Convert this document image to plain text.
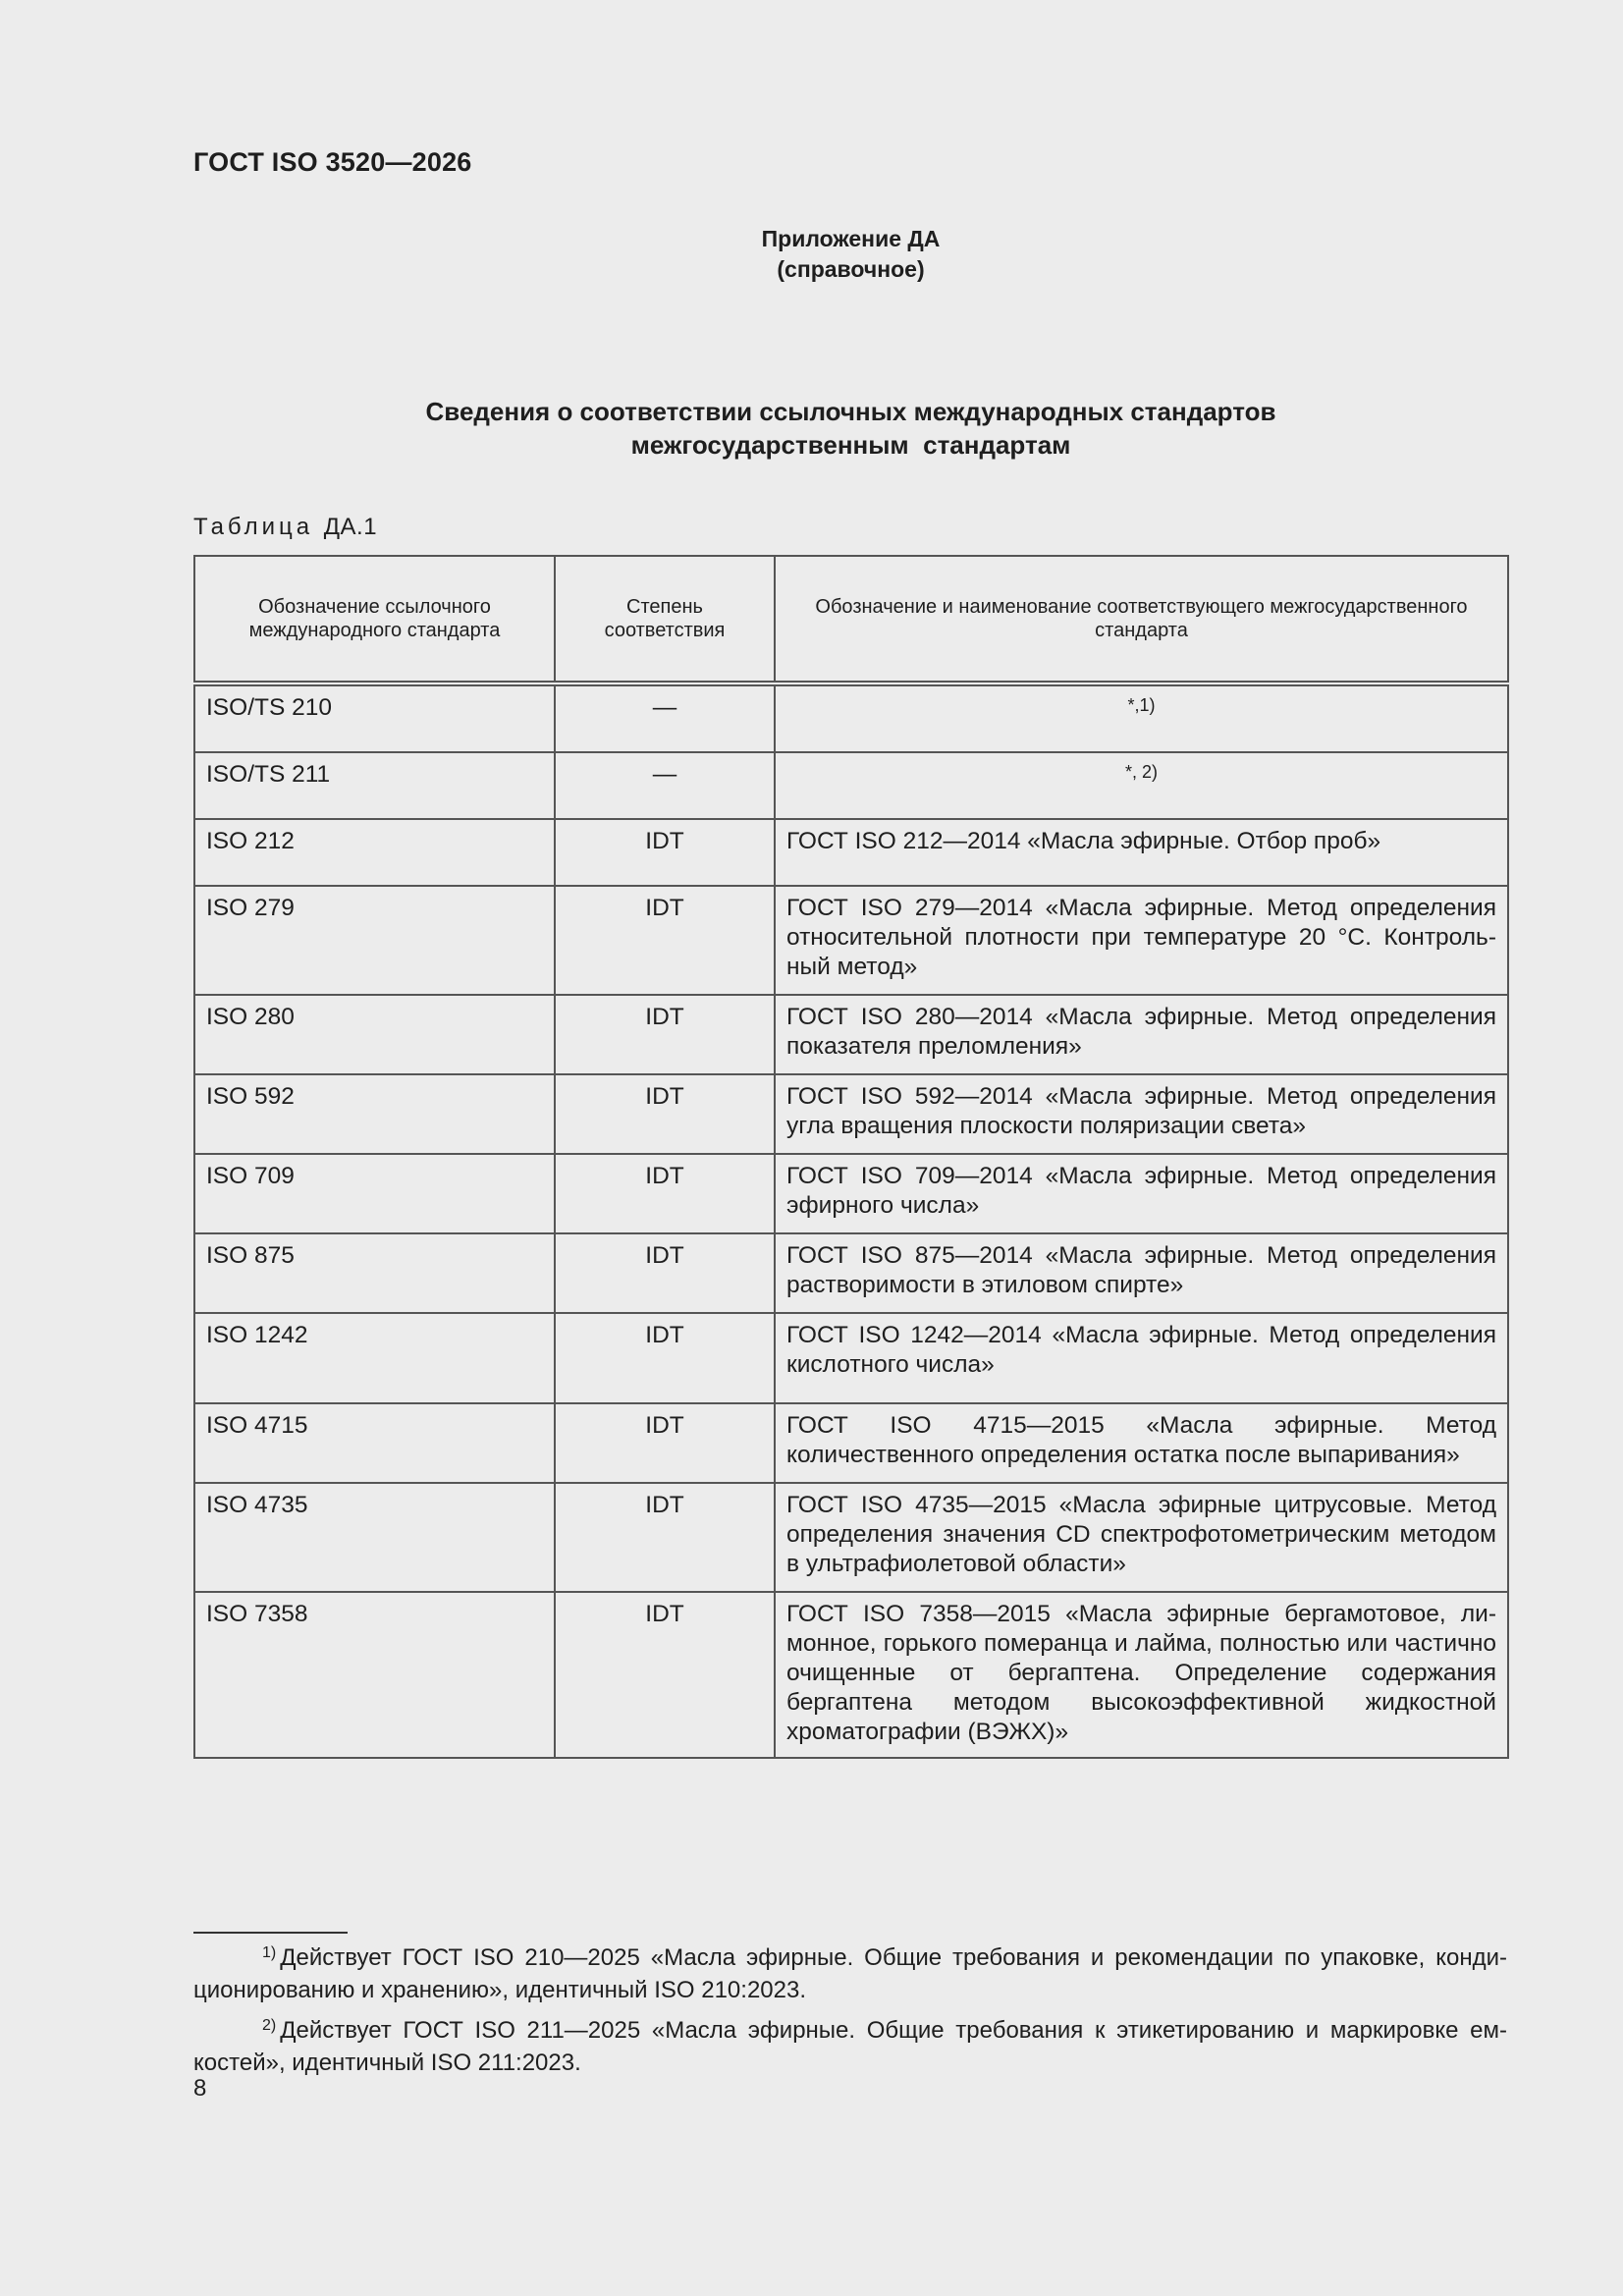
ГОСТ ISO 3520—2026
Приложение ДА
(справочное)
Сведения о соответствии ссылочных международных стандартов
межгосударственным  стандартам
Таблица ДА.1
Обозначение ссылочного международного стандарта	Степень соответствия	Обозначение и наименование соответствующего межгосударственного стандарта
ISO/TS 210	—	*,1)
ISO/TS 211	—	*, 2)
ISO 212	IDT	ГОСТ ISO 212—2014 «Масла эфирные. Отбор проб»
ISO 279	IDT	ГОСТ ISO 279—2014 «Масла эфирные. Метод определения относительной плотности при температуре 20 °С. Контрольный метод»
ISO 280	IDT	ГОСТ ISO 280—2014 «Масла эфирные. Метод определения показателя преломления»
ISO 592	IDT	ГОСТ ISO 592—2014 «Масла эфирные. Метод определения угла вращения плоскости поляризации света»
ISO 709	IDT	ГОСТ ISO 709—2014 «Масла эфирные. Метод определения эфирного числа»
ISO 875	IDT	ГОСТ ISO 875—2014 «Масла эфирные. Метод определения растворимости в этиловом спирте»
ISO 1242	IDT	ГОСТ ISO 1242—2014 «Масла эфирные. Метод определения кислотного числа»
ISO 4715	IDT	ГОСТ ISO 4715—2015 «Масла эфирные. Метод количественного определения остатка после выпаривания»
ISO 4735	IDT	ГОСТ ISO 4735—2015 «Масла эфирные цитрусовые. Метод определения значения CD спектрофотометрическим методом в ультрафиолетовой области»
ISO 7358	IDT	ГОСТ ISO 7358—2015 «Масла эфирные бергамотовое, лимонное, горького померанца и лайма, полностью или частично очищенные от бергаптена. Определение содержания бергаптена методом высокоэффективной жидкостной хроматографии (ВЭЖХ)»

$^{1)}$ Действует ГОСТ ISO 210—2025 «Масла эфирные. Общие требования и рекомендации по упаковке, кондиционированию и хранению», идентичный ISO 210:2023.

$^{2)}$ Действует ГОСТ ISO 211—2025 «Масла эфирные. Общие требования к этикетированию и маркировке емкостей», идентичный ISO 211:2023.

8
